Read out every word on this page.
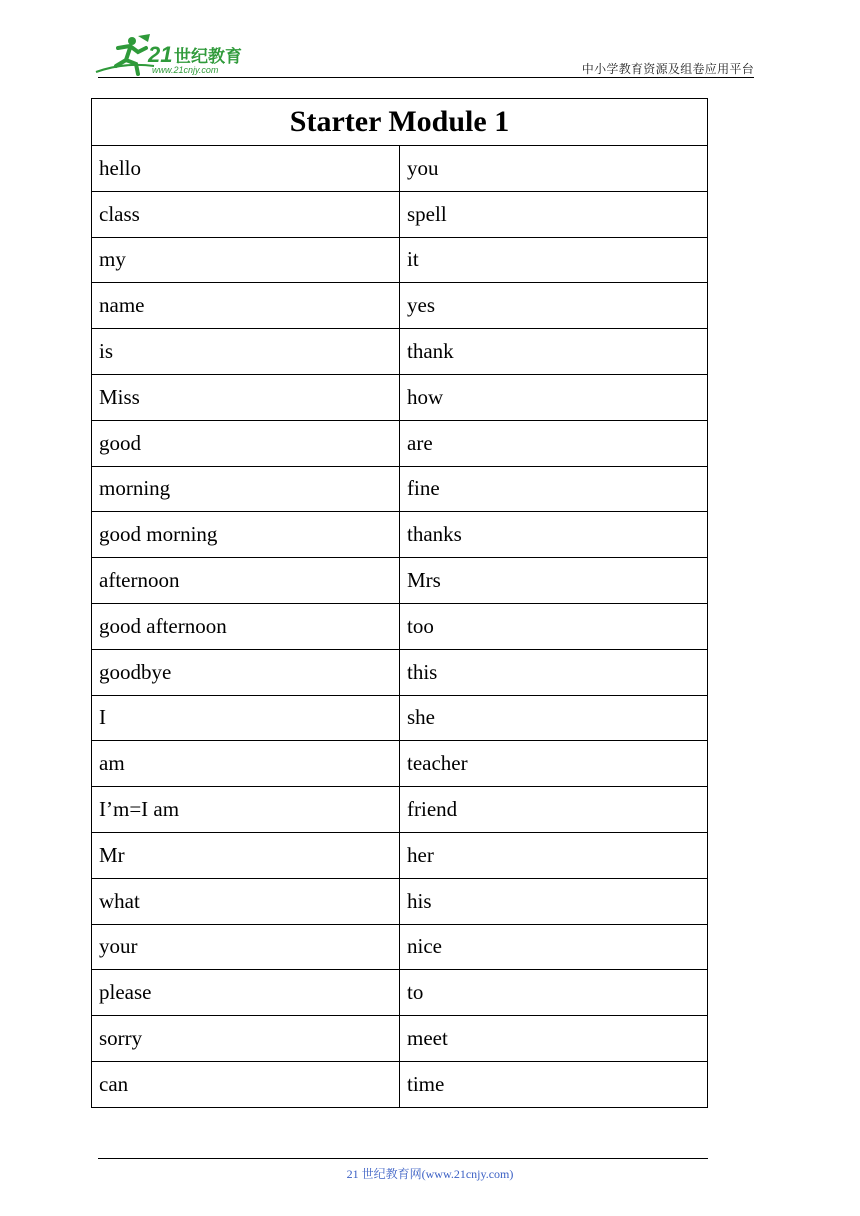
21 世纪教育
www.21cnjy.com	中小学教育资源及组卷应用平台
Starter Module 1	
hello	you
class	spell
my	it
name	yes
is	thank
Miss	how
good	are
morning	fine
good morning	thanks
afternoon	Mrs
good afternoon	too
goodbye	this
I	she
am	teacher
I’m=I am	friend
Mr	her
what	his
your	nice
please	to
sorry	meet
can	time
21 世纪教育网(www.21cnjy.com)
